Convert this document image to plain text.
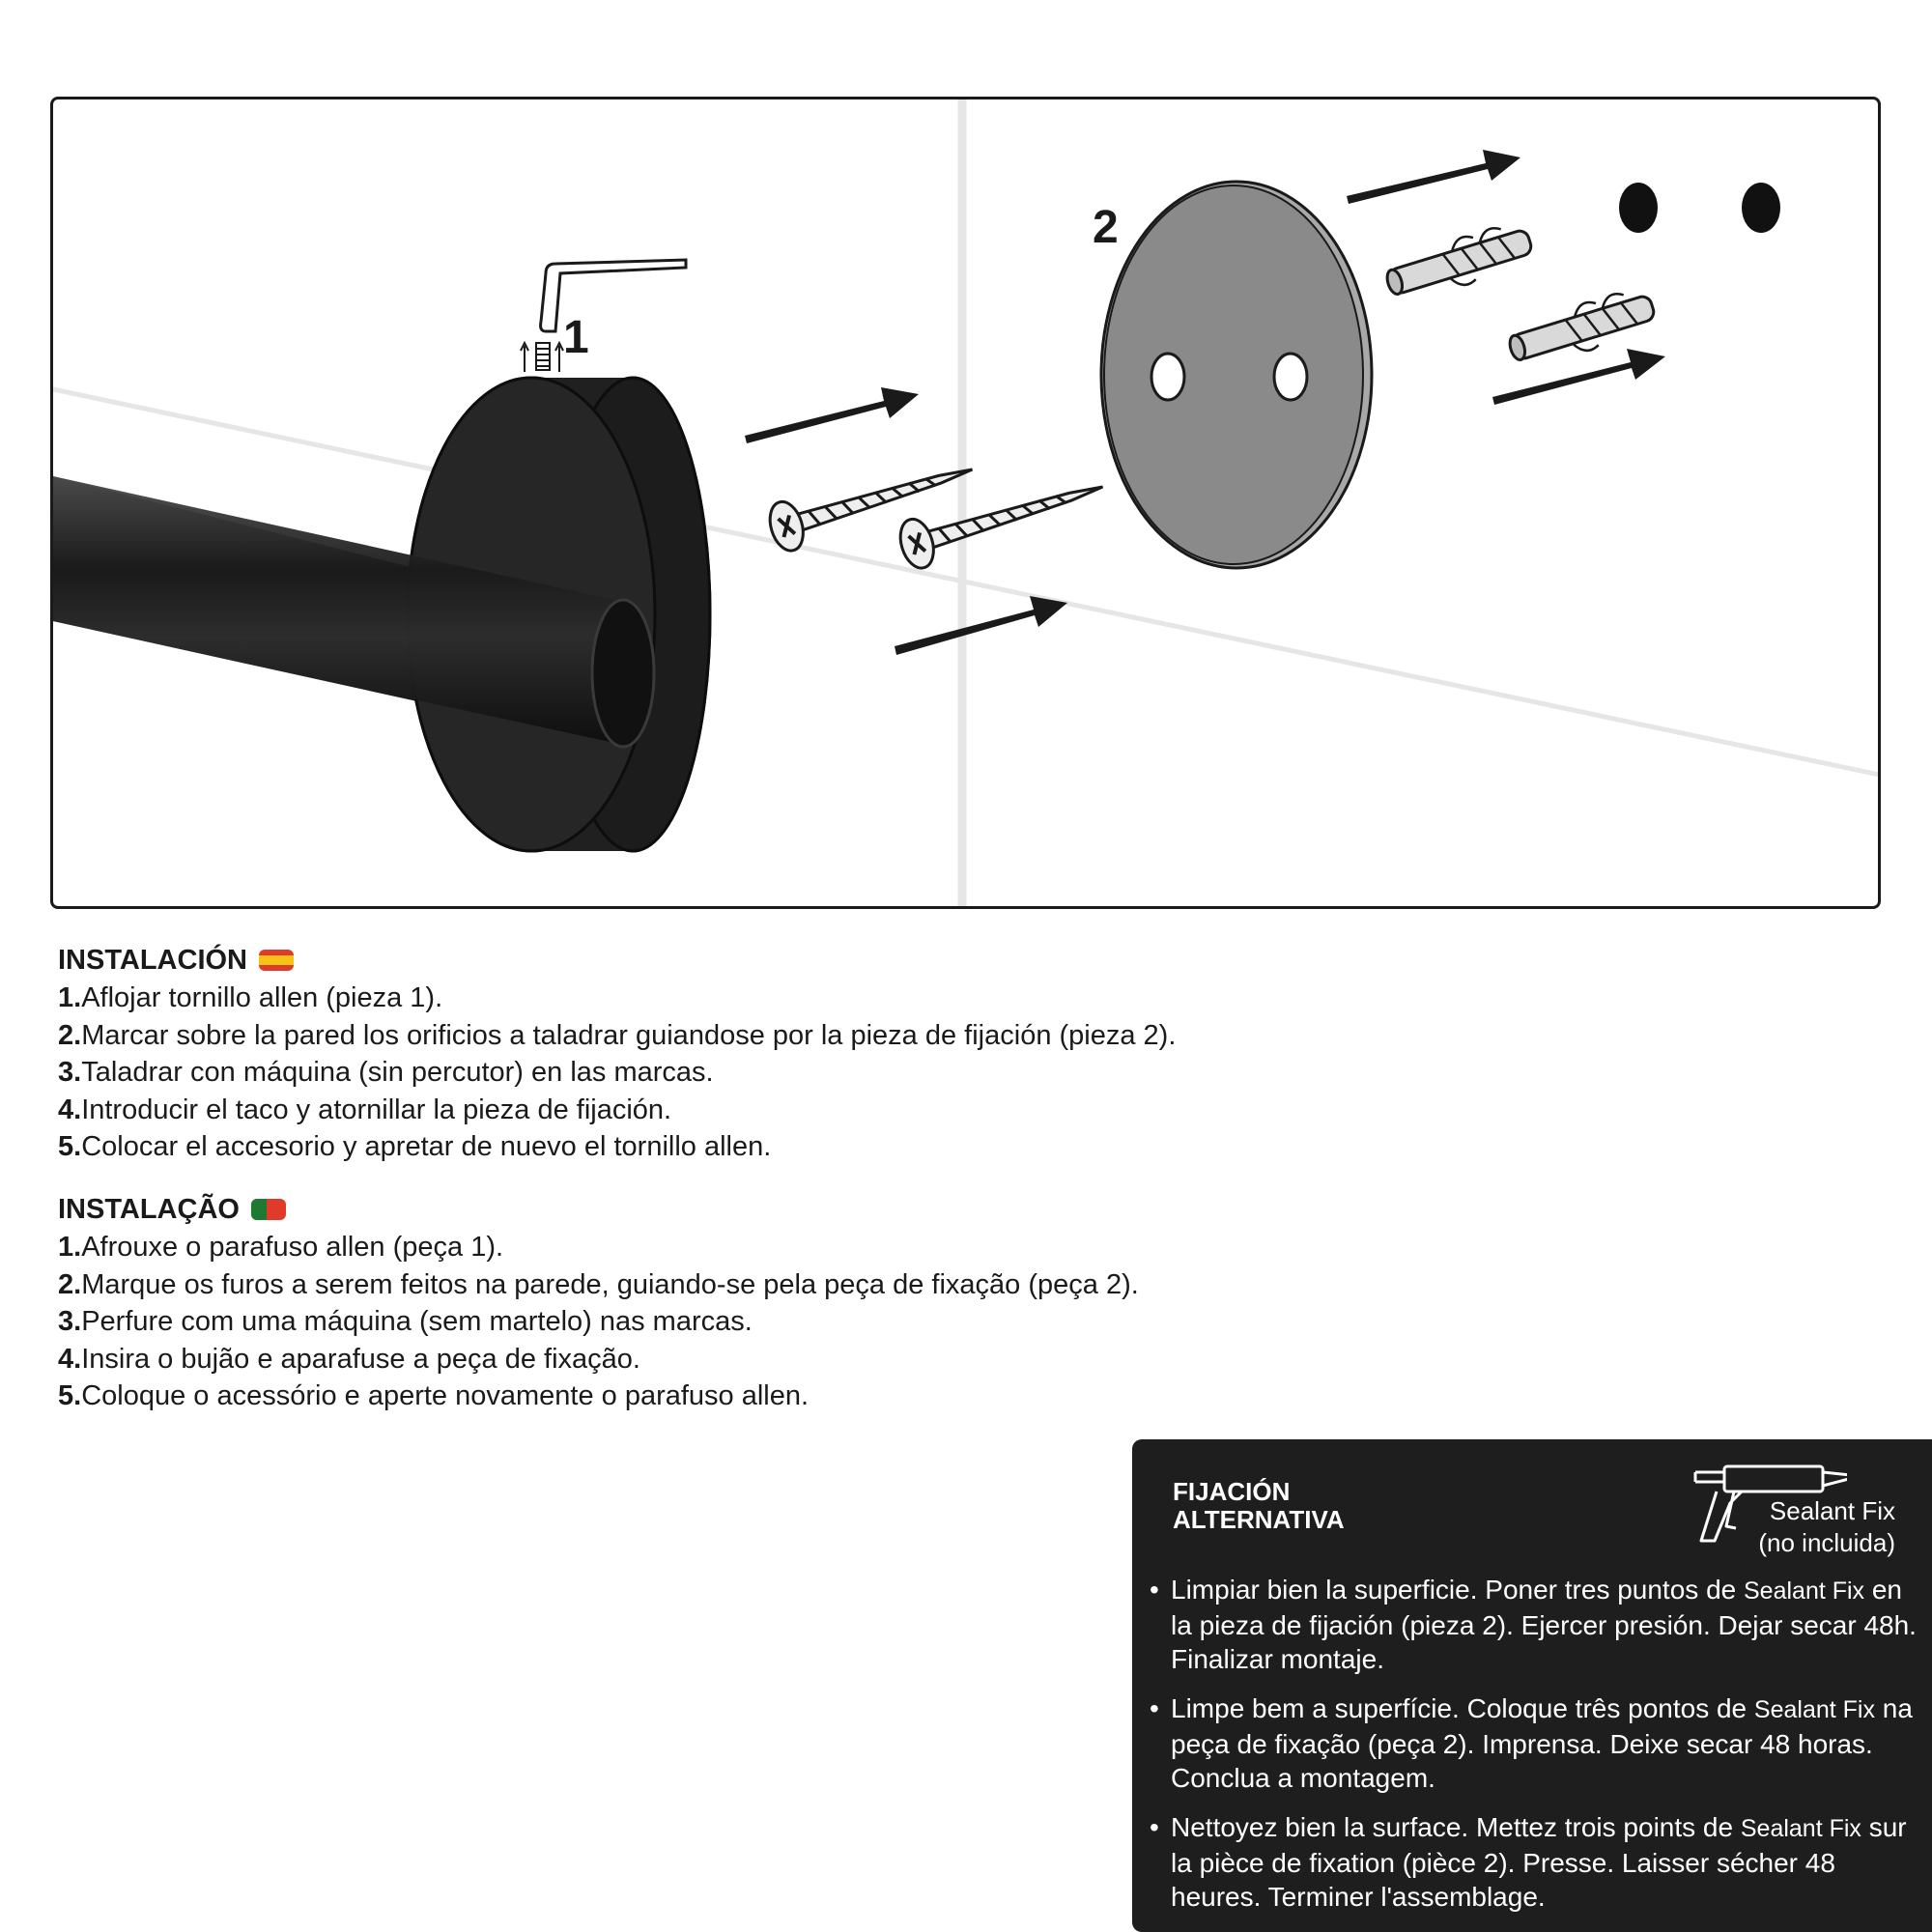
1
2
INSTALACIÓN
1.Aflojar tornillo allen (pieza 1).
2.Marcar sobre la pared los orificios a taladrar guiandose por la pieza de fijación (pieza 2).
3.Taladrar con máquina (sin percutor) en las marcas.
4.Introducir el taco y atornillar la pieza de fijación.
5.Colocar el accesorio y apretar de nuevo el tornillo allen.
INSTALAÇÃO
1.Afrouxe o parafuso allen (peça 1).
2.Marque os furos a serem feitos na parede, guiando-se pela peça de fixação (peça 2).
3.Perfure com uma máquina (sem martelo) nas marcas.
4.Insira o bujão e aparafuse a peça de fixação.
5.Coloque o acessório e aperte novamente o parafuso allen.
FIJACIÓN
ALTERNATIVA	Sealant Fix
(no incluida)
• Limpiar bien la superficie. Poner tres puntos de Sealant Fix en la pieza de fijación (pieza 2). Ejercer presión. Dejar secar 48h. Finalizar montaje.
• Limpe bem a superfície. Coloque três pontos de Sealant Fix na peça de fixação (peça 2). Imprensa. Deixe secar 48 horas. Conclua a montagem.
• Nettoyez bien la surface. Mettez trois points de Sealant Fix sur la pièce de fixation (pièce 2). Presse. Laisser sécher 48 heures. Terminer l'assemblage.
